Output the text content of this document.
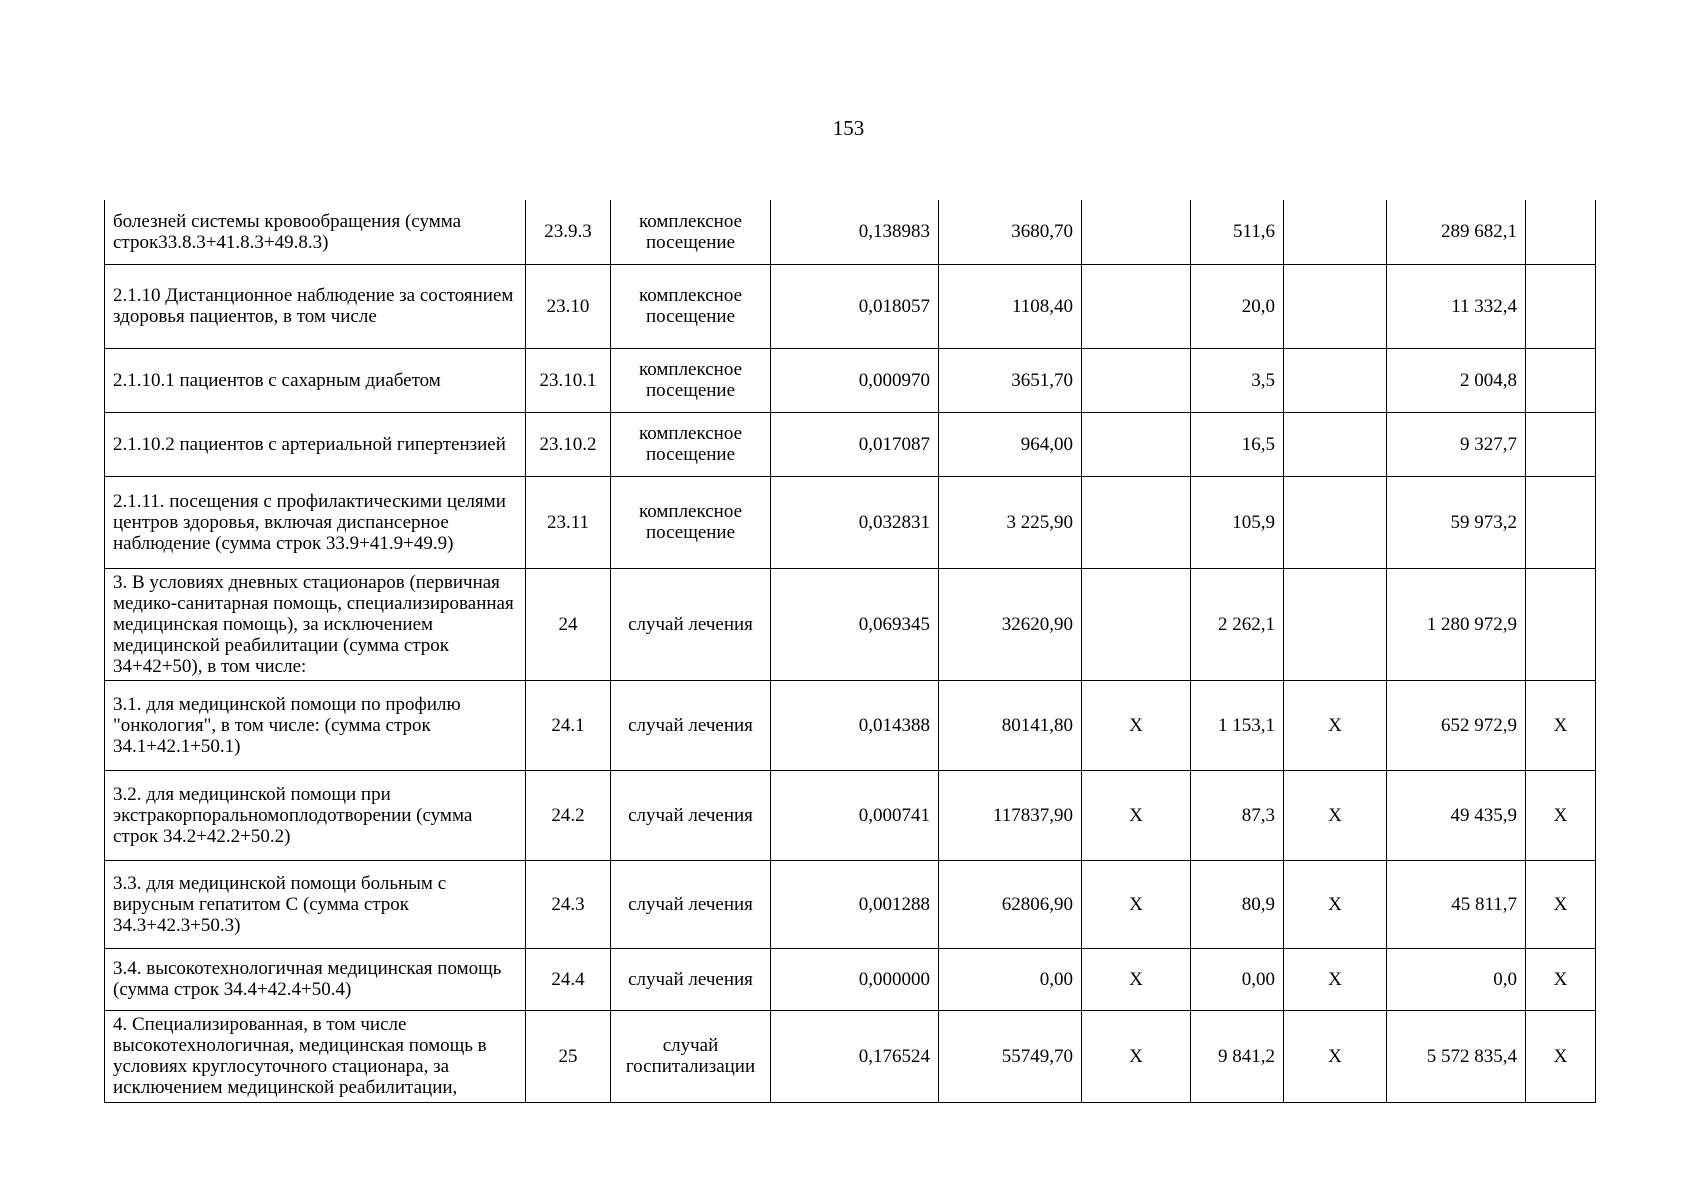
153
болезней системы кровообращения (сумма строк33.8.3+41.8.3+49.8.3)	23.9.3	комплексное посещение	0,138983	3680,70		511,6		289 682,1	
2.1.10 Дистанционное наблюдение за состоянием здоровья пациентов, в том числе	23.10	комплексное посещение	0,018057	1108,40		20,0		11 332,4	
2.1.10.1 пациентов с сахарным диабетом	23.10.1	комплексное посещение	0,000970	3651,70		3,5		2 004,8	
2.1.10.2 пациентов с артериальной гипертензией	23.10.2	комплексное посещение	0,017087	964,00		16,5		9 327,7	
2.1.11. посещения с профилактическими целями центров здоровья, включая диспансерное наблюдение (сумма строк 33.9+41.9+49.9)	23.11	комплексное посещение	0,032831	3 225,90		105,9		59 973,2	
3. В условиях дневных стационаров (первичная медико-санитарная помощь, специализированная медицинская помощь), за исключением медицинской реабилитации (сумма строк 34+42+50), в том числе:	24	случай лечения	0,069345	32620,90		2 262,1		1 280 972,9	
3.1. для медицинской помощи по профилю "онкология", в том числе: (сумма строк 34.1+42.1+50.1)	24.1	случай лечения	0,014388	80141,80	Х	1 153,1	Х	652 972,9	Х
3.2. для медицинской помощи при экстракорпоральномоплодотворении (сумма строк 34.2+42.2+50.2)	24.2	случай лечения	0,000741	117837,90	Х	87,3	Х	49 435,9	Х
3.3. для медицинской помощи больным с вирусным гепатитом С (сумма строк 34.3+42.3+50.3)	24.3	случай лечения	0,001288	62806,90	Х	80,9	Х	45 811,7	Х
3.4. высокотехнологичная медицинская помощь (сумма строк 34.4+42.4+50.4)	24.4	случай лечения	0,000000	0,00	Х	0,00	Х	0,0	Х
4. Специализированная, в том числе высокотехнологичная, медицинская помощь в условиях круглосуточного стационара, за исключением медицинской реабилитации,	25	случай госпитализации	0,176524	55749,70	Х	9 841,2	Х	5 572 835,4	Х
